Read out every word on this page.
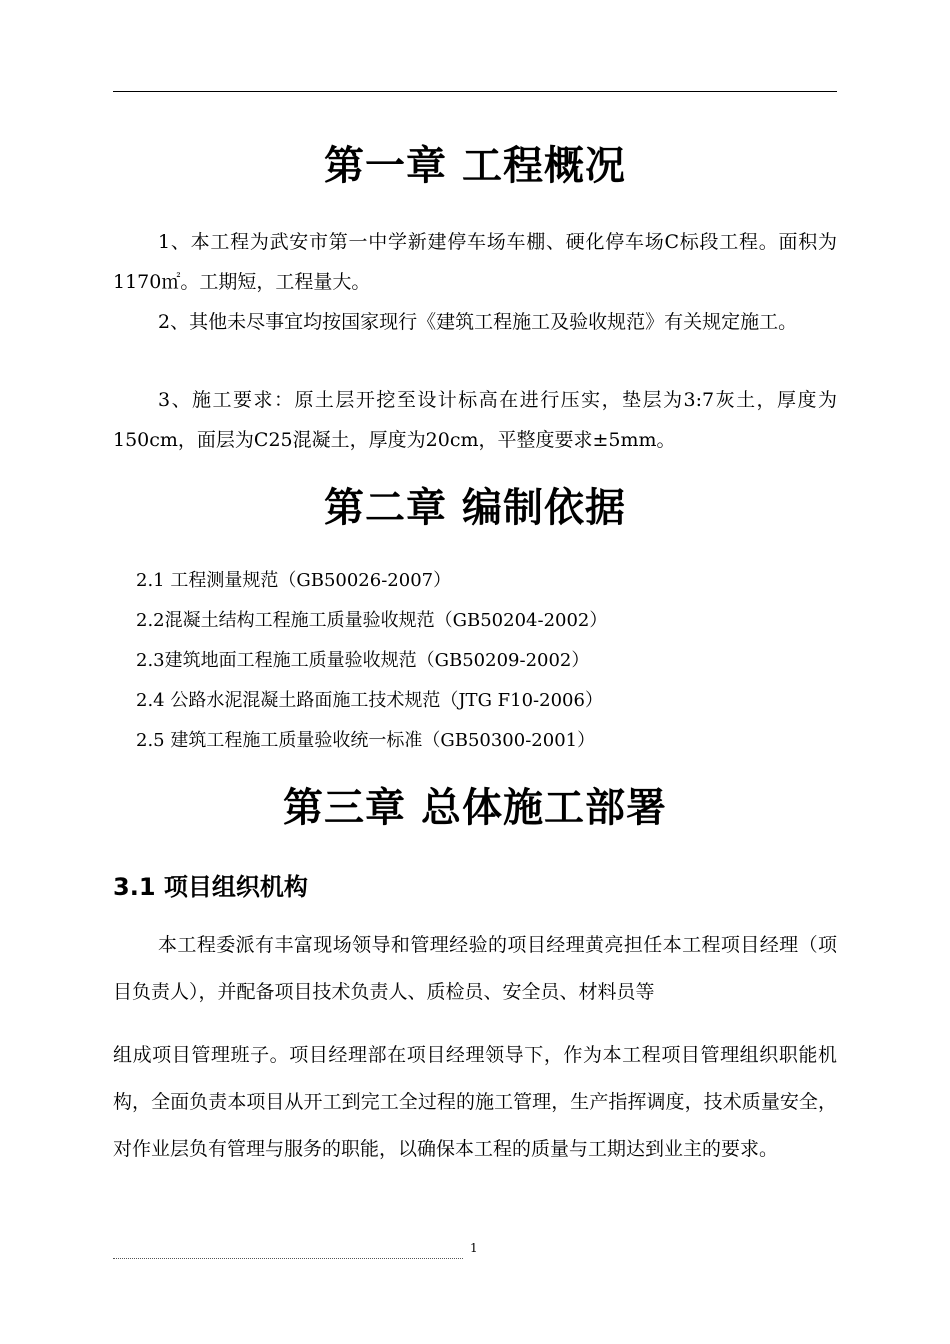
第一章 工程概况

1、本工程为武安市第一中学新建停车场车棚、硬化停车场C标段工程。面积为1170㎡。工期短，工程量大。

2、其他未尽事宜均按国家现行《建筑工程施工及验收规范》有关规定施工。

3、施工要求：原土层开挖至设计标高在进行压实，垫层为3:7灰土，厚度为150cm，面层为C25混凝土，厚度为20cm，平整度要求±5mm。

第二章 编制依据

2.1 工程测量规范（GB50026-2007）

2.2混凝土结构工程施工质量验收规范（GB50204-2002）

2.3建筑地面工程施工质量验收规范（GB50209-2002）

2.4 公路水泥混凝土路面施工技术规范（JTG F10-2006）

2.5 建筑工程施工质量验收统一标准（GB50300-2001）

第三章 总体施工部署
3.1 项目组织机构

本工程委派有丰富现场领导和管理经验的项目经理黄亮担任本工程项目经理（项目负责人），并配备项目技术负责人、质检员、安全员、材料员等

组成项目管理班子。项目经理部在项目经理领导下，作为本工程项目管理组织职能机构，全面负责本项目从开工到完工全过程的施工管理，生产指挥调度，技术质量安全，对作业层负有管理与服务的职能，以确保本工程的质量与工期达到业主的要求。

1
